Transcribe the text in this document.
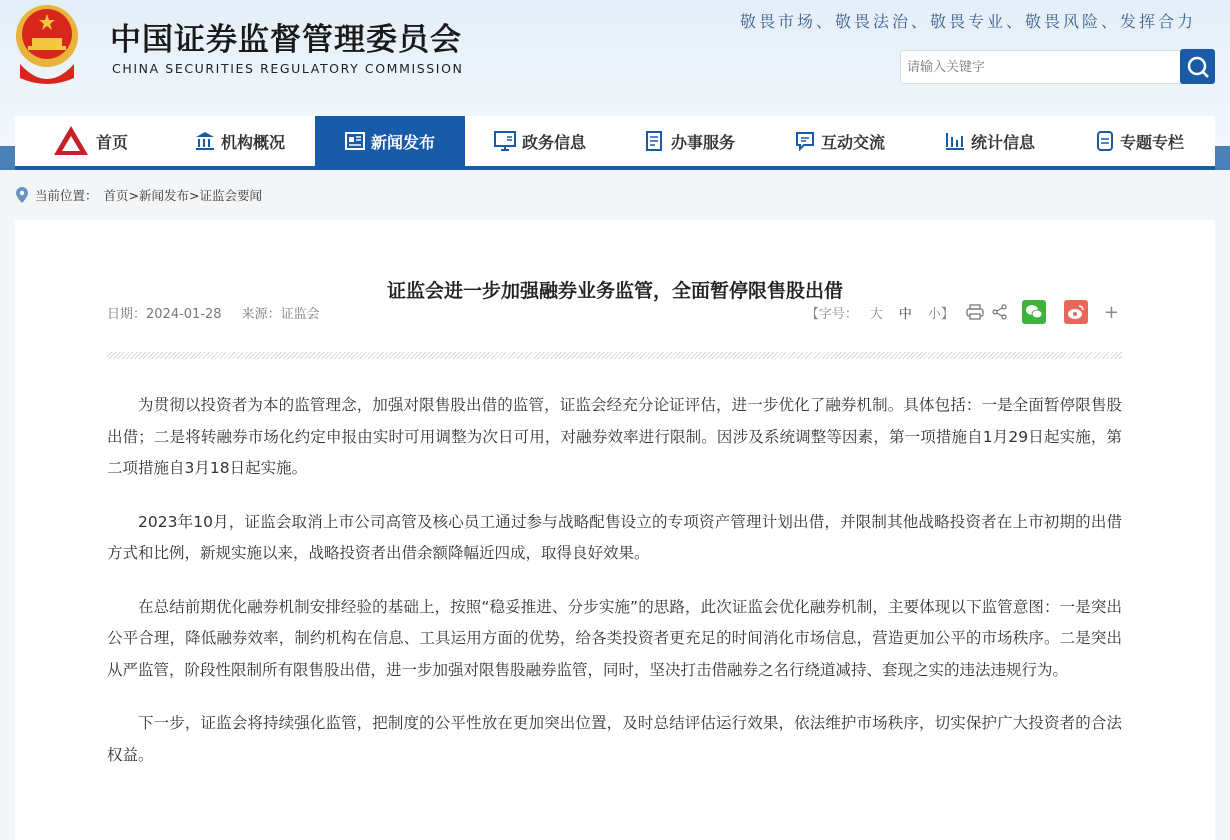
中国证券监督管理委员会
CHINA SECURITIES REGULATORY COMMISSION
敬畏市场、敬畏法治、敬畏专业、敬畏风险、发挥合力
请输入关键字
首页	机构概况	新闻发布	政务信息	办事服务	互动交流	统计信息	专题专栏
当前位置： 首页>新闻发布>证监会要闻
证监会进一步加强融券业务监管，全面暂停限售股出借
日期：2024-01-28 来源：证监会	【字号： 大	中	小】	+

为贯彻以投资者为本的监管理念，加强对限售股出借的监管，证监会经充分论证评估，进一步优化了融券机制。具体包括：一是全面暂停限售股出借；二是将转融券市场化约定申报由实时可用调整为次日可用，对融券效率进行限制。因涉及系统调整等因素，第一项措施自1月29日起实施，第二项措施自3月18日起实施。

2023年10月，证监会取消上市公司高管及核心员工通过参与战略配售设立的专项资产管理计划出借，并限制其他战略投资者在上市初期的出借方式和比例，新规实施以来，战略投资者出借余额降幅近四成，取得良好效果。

在总结前期优化融券机制安排经验的基础上，按照“稳妥推进、分步实施”的思路，此次证监会优化融券机制，主要体现以下监管意图：一是突出公平合理，降低融券效率，制约机构在信息、工具运用方面的优势，给各类投资者更充足的时间消化市场信息，营造更加公平的市场秩序。二是突出从严监管，阶段性限制所有限售股出借，进一步加强对限售股融券监管，同时，坚决打击借融券之名行绕道减持、套现之实的违法违规行为。

下一步，证监会将持续强化监管，把制度的公平性放在更加突出位置，及时总结评估运行效果，依法维护市场秩序，切实保护广大投资者的合法权益。
